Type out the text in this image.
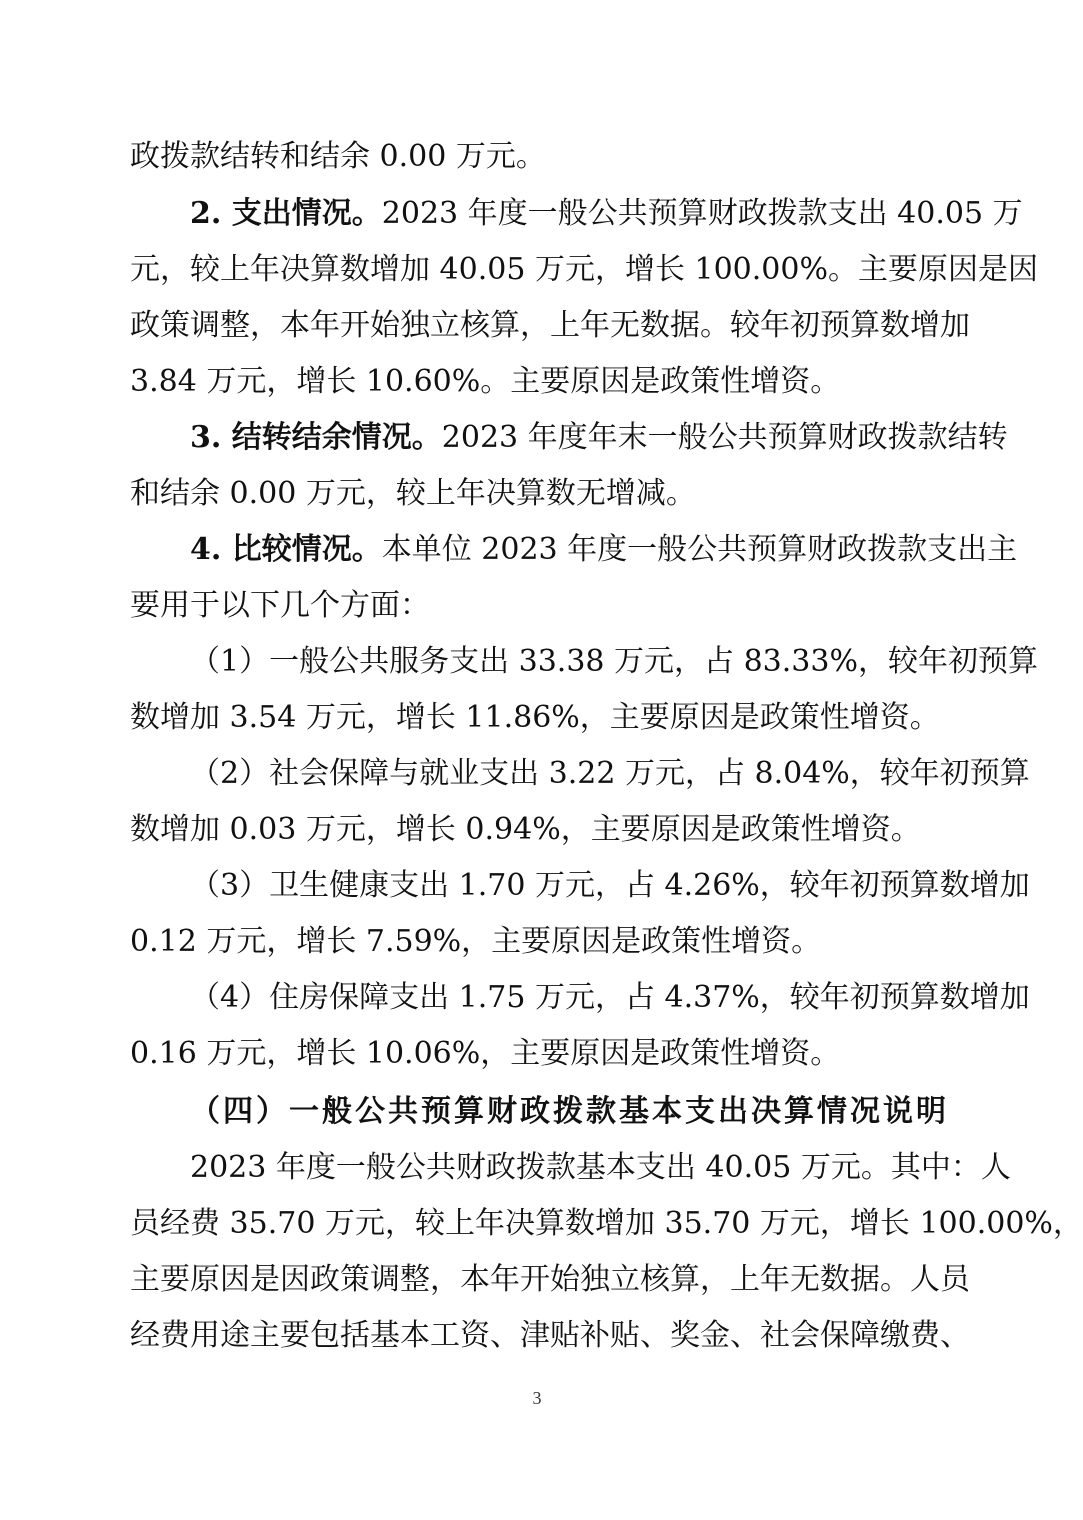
政拨款结转和结余 0.00 万元。
2. 支出情况。2023 年度一般公共预算财政拨款支出 40.05 万
元，较上年决算数增加 40.05 万元，增长 100.00%。主要原因是因
政策调整，本年开始独立核算，上年无数据。较年初预算数增加
3.84 万元，增长 10.60%。主要原因是政策性增资。
3. 结转结余情况。2023 年度年末一般公共预算财政拨款结转
和结余 0.00 万元，较上年决算数无增减。
4. 比较情况。本单位 2023 年度一般公共预算财政拨款支出主
要用于以下几个方面：
（1）一般公共服务支出 33.38 万元，占 83.33%，较年初预算
数增加 3.54 万元，增长 11.86%，主要原因是政策性增资。
（2）社会保障与就业支出 3.22 万元，占 8.04%，较年初预算
数增加 0.03 万元，增长 0.94%，主要原因是政策性增资。
（3）卫生健康支出 1.70 万元，占 4.26%，较年初预算数增加
0.12 万元，增长 7.59%，主要原因是政策性增资。
（4）住房保障支出 1.75 万元，占 4.37%，较年初预算数增加
0.16 万元，增长 10.06%，主要原因是政策性增资。
（四）一般公共预算财政拨款基本支出决算情况说明
2023 年度一般公共财政拨款基本支出 40.05 万元。其中：人
员经费 35.70 万元，较上年决算数增加 35.70 万元，增长 100.00%，
主要原因是因政策调整，本年开始独立核算，上年无数据。人员
经费用途主要包括基本工资、津贴补贴、奖金、社会保障缴费、
3
